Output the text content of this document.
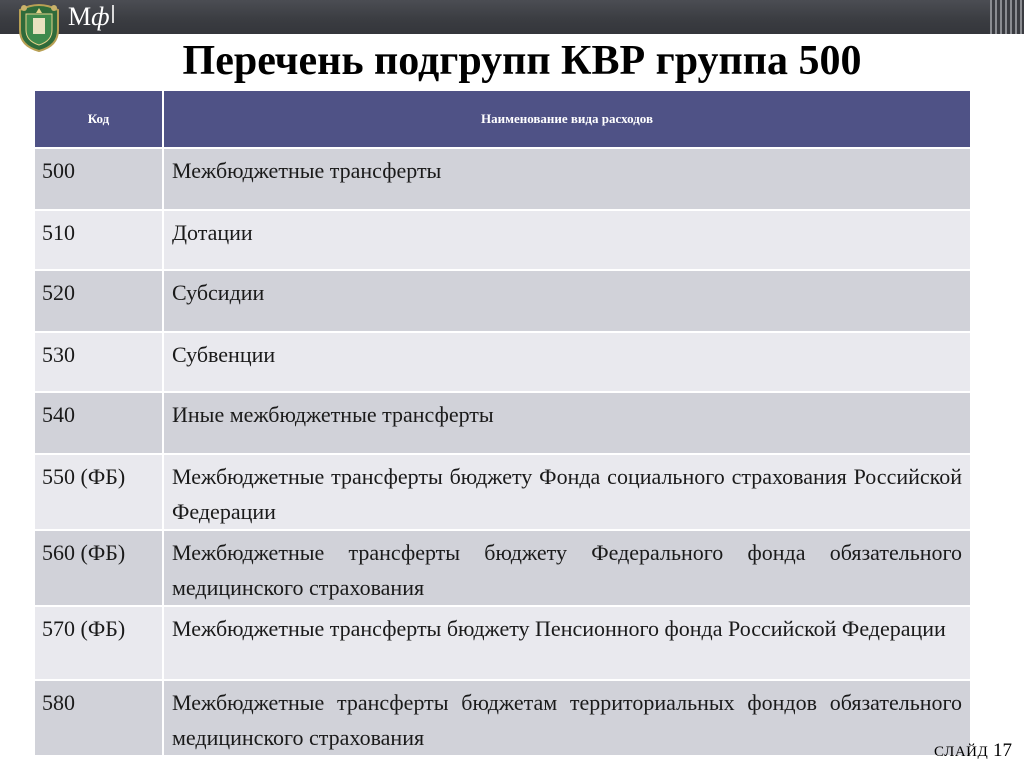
Мф
Перечень подгрупп КВР группа 500
Код	Наименование вида расходов
500	Межбюджетные трансферты
510	Дотации
520	Субсидии
530	Субвенции
540	Иные межбюджетные трансферты
550 (ФБ)	Межбюджетные трансферты бюджету Фонда социального страхования Российской Федерации
560 (ФБ)	Межбюджетные трансферты бюджету Федерального фонда обязательного медицинского страхования
570 (ФБ)	Межбюджетные трансферты бюджету Пенсионного фонда Российской Федерации
580	Межбюджетные трансферты бюджетам территориальных фондов обязательного медицинского страхования
СЛАЙД 17
